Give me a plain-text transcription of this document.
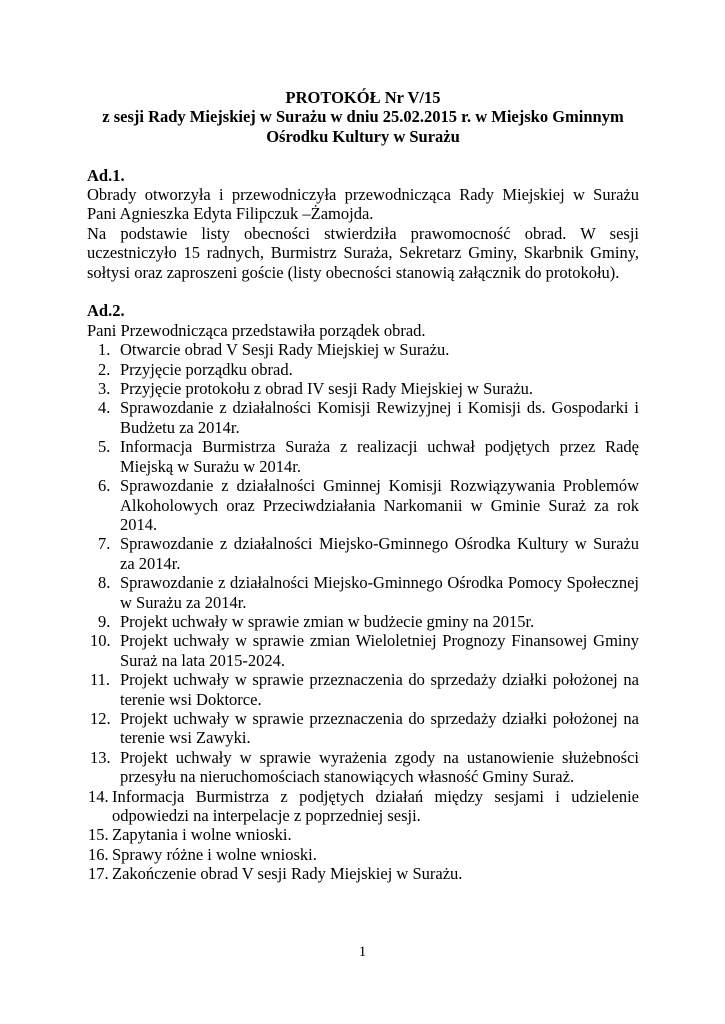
PROTOKÓŁ Nr V/15
z sesji Rady Miejskiej w Surażu w dniu 25.02.2015 r. w Miejsko Gminnym
Ośrodku Kultury w Surażu
Ad.1.
Obrady otworzyła i przewodniczyła przewodnicząca Rady Miejskiej w Surażu Pani Agnieszka Edyta Filipczuk –Żamojda.
Na podstawie listy obecności stwierdziła prawomocność obrad. W sesji uczestniczyło 15 radnych, Burmistrz Suraża, Sekretarz Gminy, Skarbnik Gminy, sołtysi oraz zaproszeni goście (listy obecności stanowią załącznik do protokołu).
Ad.2.
Pani Przewodnicząca przedstawiła porządek obrad.
1. Otwarcie obrad V Sesji Rady Miejskiej w Surażu.
2. Przyjęcie porządku obrad.
3. Przyjęcie protokołu z obrad IV sesji Rady Miejskiej w Surażu.
4. Sprawozdanie z działalności Komisji Rewizyjnej i Komisji ds. Gospodarki i Budżetu za 2014r.
5. Informacja Burmistrza Suraża z realizacji uchwał podjętych przez Radę Miejską w Surażu w 2014r.
6. Sprawozdanie z działalności Gminnej Komisji Rozwiązywania Problemów Alkoholowych oraz Przeciwdziałania Narkomanii w Gminie Suraż za rok 2014.
7. Sprawozdanie z działalności Miejsko-Gminnego Ośrodka Kultury w Surażu za 2014r.
8. Sprawozdanie z działalności Miejsko-Gminnego Ośrodka Pomocy Społecznej w Surażu za 2014r.
9. Projekt uchwały w sprawie zmian w budżecie gminy na 2015r.
10. Projekt uchwały w sprawie zmian Wieloletniej Prognozy Finansowej Gminy Suraż na lata 2015-2024.
11. Projekt uchwały w sprawie przeznaczenia do sprzedaży działki położonej na terenie wsi Doktorce.
12. Projekt uchwały w sprawie przeznaczenia do sprzedaży działki położonej na terenie wsi Zawyki.
13. Projekt uchwały w sprawie wyrażenia zgody na ustanowienie służebności przesyłu na nieruchomościach stanowiących własność Gminy Suraż.
14. Informacja Burmistrza z podjętych działań między sesjami i udzielenie odpowiedzi na interpelacje z poprzedniej sesji.
15. Zapytania i wolne wnioski.
16. Sprawy różne i wolne wnioski.
17. Zakończenie obrad V sesji Rady Miejskiej w Surażu.
1
